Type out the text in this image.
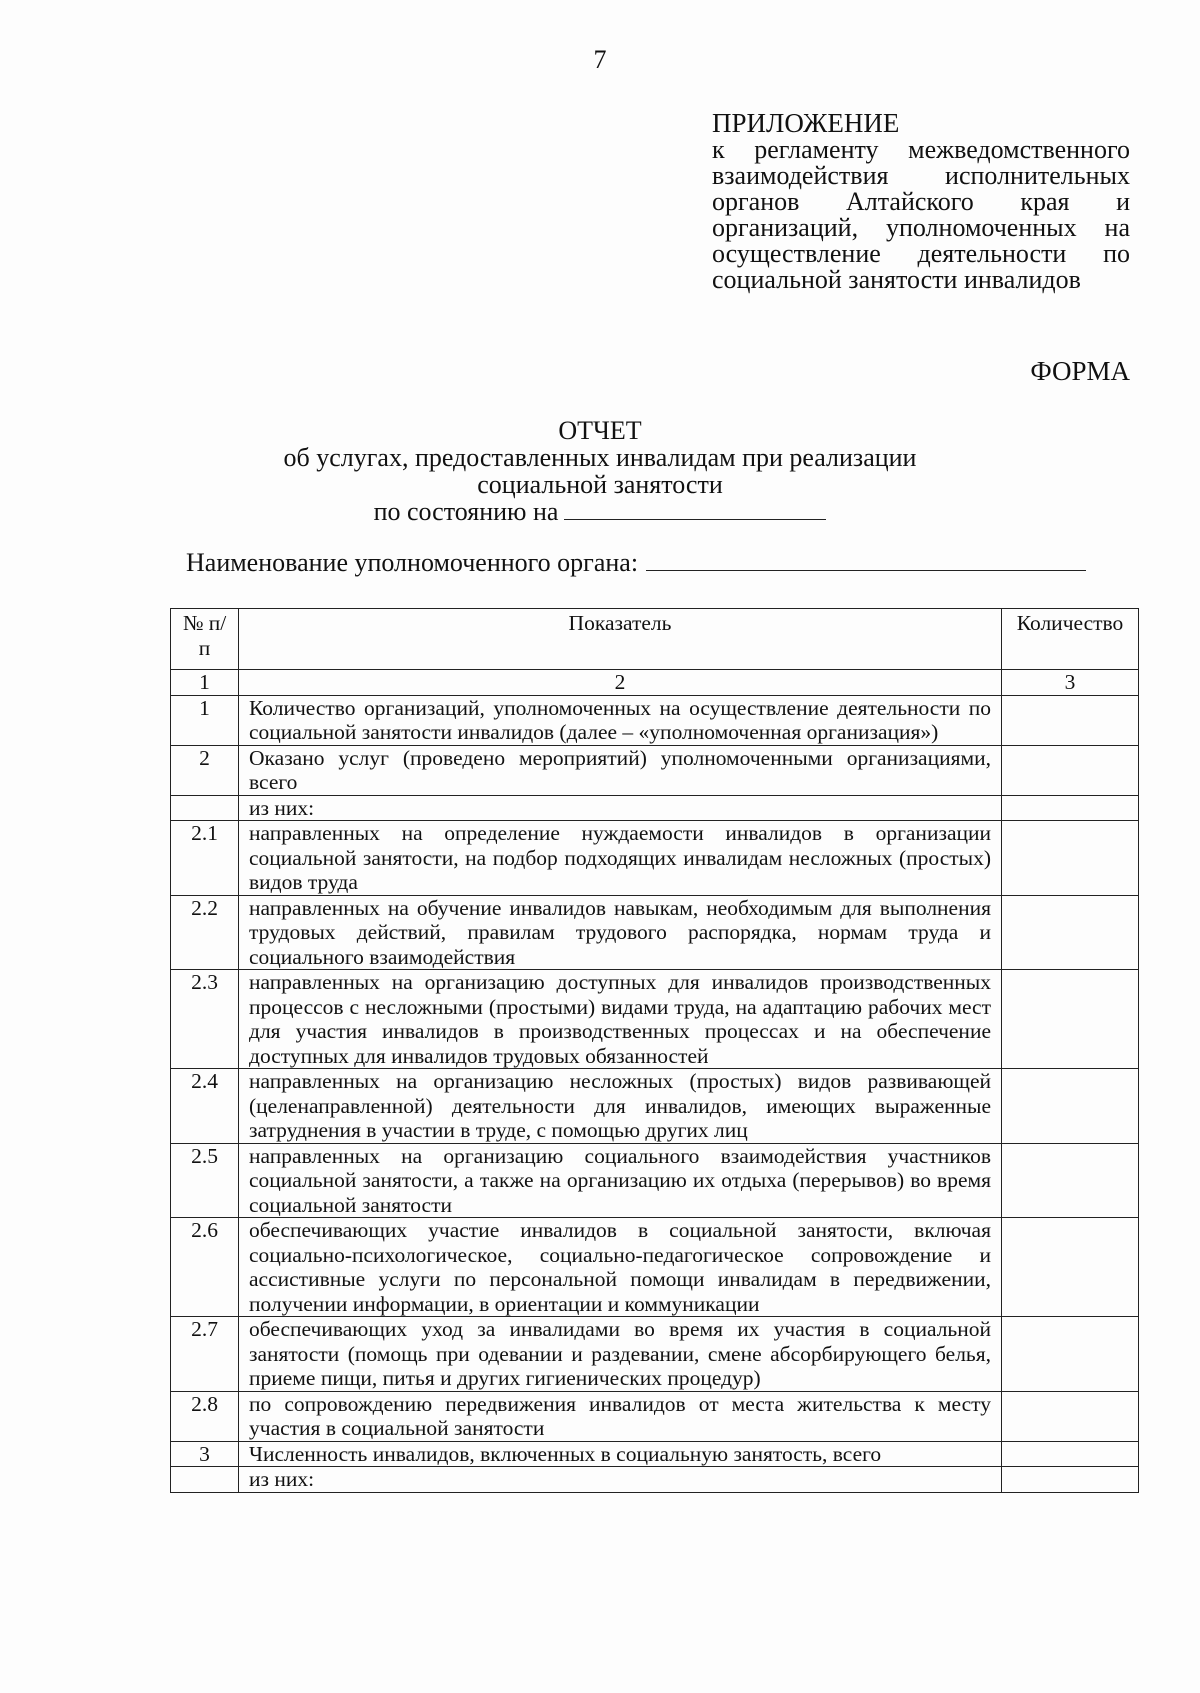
7
ПРИЛОЖЕНИЕ
к регламенту межведомственного взаимодействия исполнительных органов Алтайского края и организаций, уполномоченных на осуществление деятельности по социальной занятости инвалидов
ФОРМА
ОТЧЕТ
об услугах, предоставленных инвалидам при реализации
социальной занятости
по состоянию на
Наименование уполномоченного органа:
№ п/п	Показатель	Количество
1	2	3
1	Количество организаций, уполномоченных на осуществление деятельности по социальной занятости инвалидов (далее – «уполномоченная организация»)	
2	Оказано услуг (проведено мероприятий) уполномоченными организациями, всего	
	из них:	
2.1	направленных на определение нуждаемости инвалидов в организации социальной занятости, на подбор подходящих инвалидам несложных (простых) видов труда	
2.2	направленных на обучение инвалидов навыкам, необходимым для выполнения трудовых действий, правилам трудового распорядка, нормам труда и социального взаимодействия	
2.3	направленных на организацию доступных для инвалидов производственных процессов с несложными (простыми) видами труда, на адаптацию рабочих мест для участия инвалидов в производственных процессах и на обеспечение доступных для инвалидов трудовых обязанностей	
2.4	направленных на организацию несложных (простых) видов развивающей (целенаправленной) деятельности для инвалидов, имеющих выраженные затруднения в участии в труде, с помощью других лиц	
2.5	направленных на организацию социального взаимодействия участников социальной занятости, а также на организацию их отдыха (перерывов) во время социальной занятости	
2.6	обеспечивающих участие инвалидов в социальной занятости, включая социально-психологическое, социально-педагогическое сопровождение и ассистивные услуги по персональной помощи инвалидам в передвижении, получении информации, в ориентации и коммуникации	
2.7	обеспечивающих уход за инвалидами во время их участия в социальной занятости (помощь при одевании и раздевании, смене абсорбирующего белья, приеме пищи, питья и других гигиенических процедур)	
2.8	по сопровождению передвижения инвалидов от места жительства к месту участия в социальной занятости	
3	Численность инвалидов, включенных в социальную занятость, всего	
	из них:	
